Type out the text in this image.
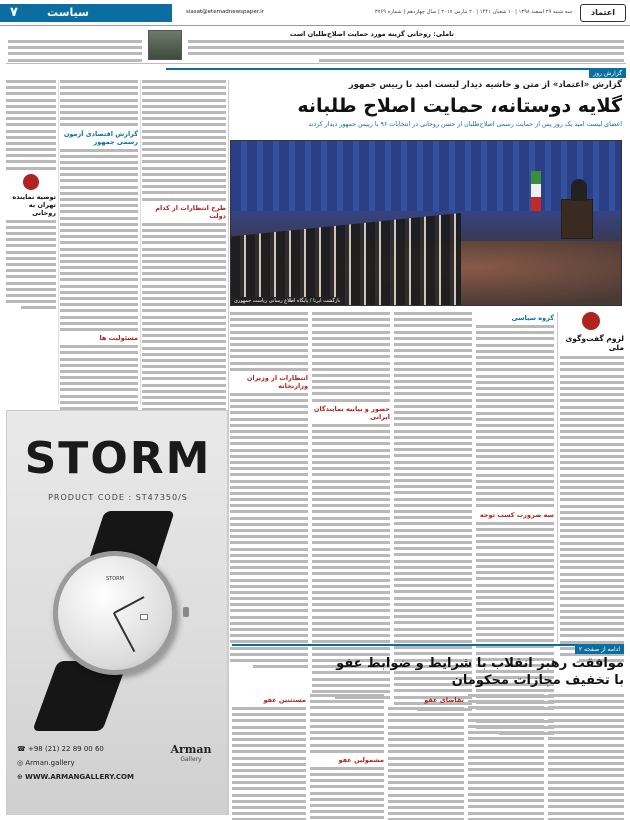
۷	سیاست	siasat@etemadnewspaper.ir	سه شنبه ۲۹ اسفند ۱۳۹۸ | ۱۰ شعبان ۱۴۴۱ | ۲۰ مارس ۲۰۱۷ | سال چهاردهم | شماره ۳۷۶۹	اعتماد
تاملی: روحانی گزینه مورد حمایت اصلاح‌طلبان است
گزارش روز
گزارش «اعتماد» از متن و حاشیه دیدار لیست امید با رییس جمهور
گلایه دوستانه، حمایت اصلاح طلبانه
اعضای لیست امید یک روز پس از حمایت رسمی اصلاح‌طلبان از حسن روحانی در انتخابات ۹۶ با رییس جمهور دیدار کردند
بازگشت ایرنا / پایگاه اطلاع رسانی ریاست جمهوری
لزوم گفت‌وگوی ملی
گروه سیاسی
سه ضرورت کسب توجه
حضور و بیانیه نمایندگان ایرانی
انتظارات از وزیران وزارتخانه
طرح انتظارات از کدام دولت
گزارش اقتصادی آزمون رسمی جمهور
مسئولیت ها
توصیه نماینده تهران به روحانی
STORM
PRODUCT CODE : ST47350/S
STORM
Arman
Gallery
☎ +98 (21) 22 89 00 60
◎ Arman.gallery
⊕ WWW.ARMANGALLERY.COM
ادامه از صفحه ۲
موافقت رهبر انقلاب با شرایط و ضوابط عفو
با تخفیف مجازات محکومان
تقاضای عفو
مشمولین عفو
مستثنین عفو
